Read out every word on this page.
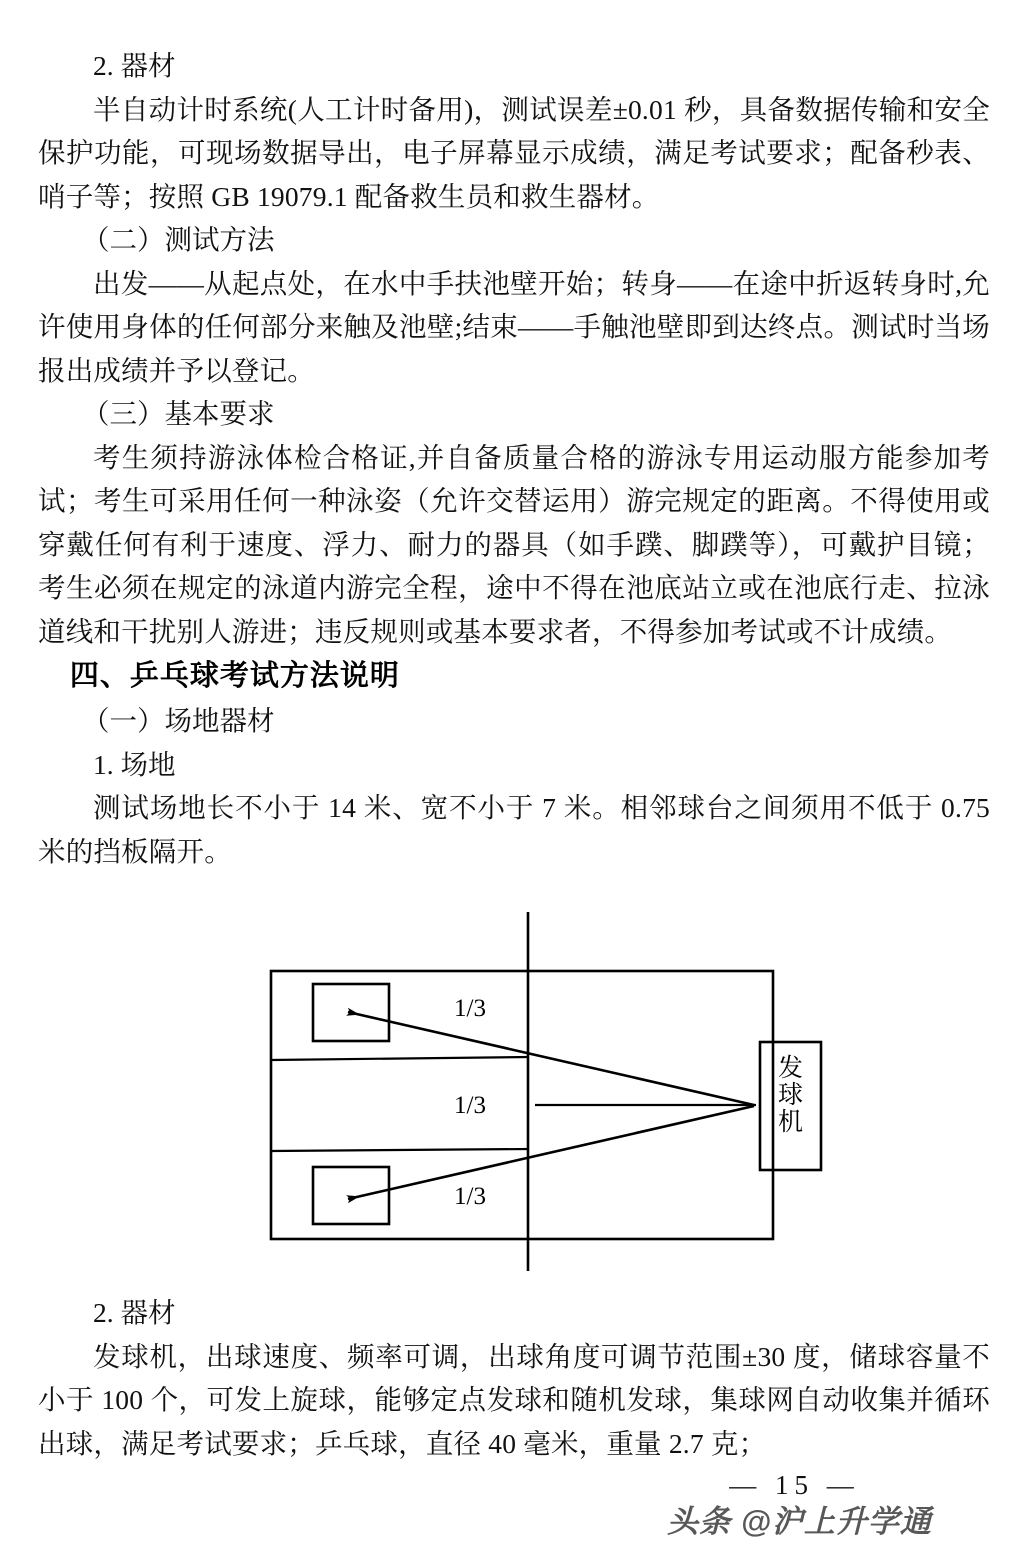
2. 器材

半自动计时系统(人工计时备用)，测试误差±0.01 秒，具备数据传输和安全保护功能，可现场数据导出，电子屏幕显示成绩，满足考试要求；配备秒表、哨子等；按照 GB 19079.1 配备救生员和救生器材。

（二）测试方法

出发——从起点处，在水中手扶池壁开始；转身——在途中折返转身时,允许使用身体的任何部分来触及池壁;结束——手触池壁即到达终点。测试时当场报出成绩并予以登记。

（三）基本要求

考生须持游泳体检合格证,并自备质量合格的游泳专用运动服方能参加考试；考生可采用任何一种泳姿（允许交替运用）游完规定的距离。不得使用或穿戴任何有利于速度、浮力、耐力的器具（如手蹼、脚蹼等），可戴护目镜；考生必须在规定的泳道内游完全程，途中不得在池底站立或在池底行走、拉泳道线和干扰别人游进；违反规则或基本要求者，不得参加考试或不计成绩。

四、乒乓球考试方法说明
（一）场地器材
1. 场地

测试场地长不小于 14 米、宽不小于 7 米。相邻球台之间须用不低于 0.75 米的挡板隔开。

1/3
1/3
1/3
发
球
机
2. 器材

发球机，出球速度、频率可调，出球角度可调节范围±30 度，储球容量不小于 100 个，可发上旋球，能够定点发球和随机发球，集球网自动收集并循环出球，满足考试要求；乒乓球，直径 40 毫米，重量 2.7 克；

— 15 —
头条 @沪上升学通
